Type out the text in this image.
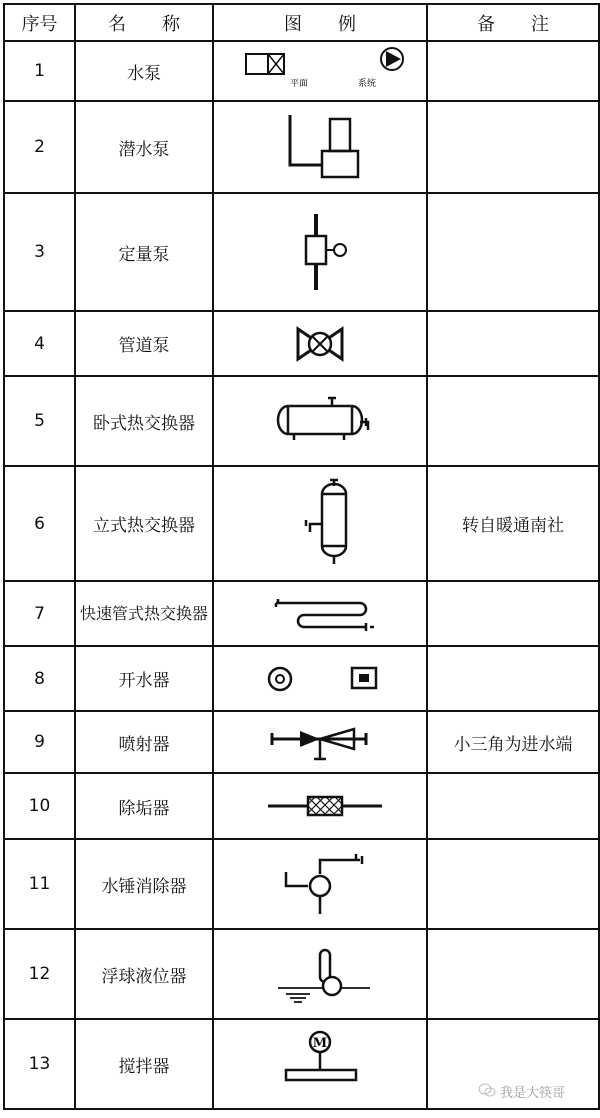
序号	名　　称	图　　例	备　　注
1	水泵	平面 系统	

2	潜水泵	

3	定量泵	

4	管道泵	

5	卧式热交换器	

6	立式热交换器		转自暖通南社
7	快速管式热交换器	

8	开水器	

9	喷射器		小三角为进水端
10	除垢器	

11	水锤消除器	

12	浮球液位器	

13	搅拌器	M	

我是大筷哥
